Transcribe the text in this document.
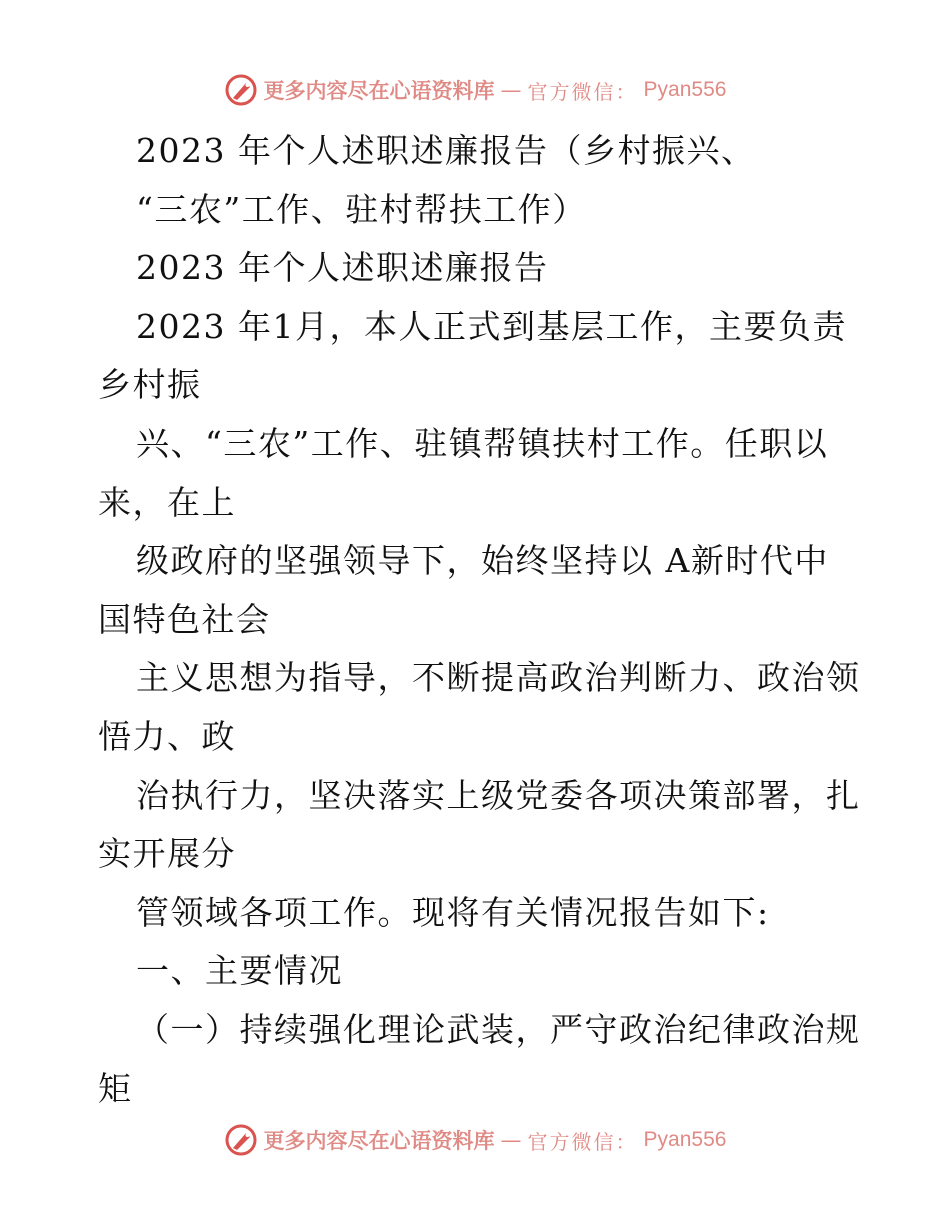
更多内容尽在心语资料库 — 官方微信： Pyan556
2023 年个人述职述廉报告（乡村振兴、
“三农”工作、驻村帮扶工作）
2023 年个人述职述廉报告
2023 年1月，本人正式到基层工作，主要负责
乡村振
兴、“三农”工作、驻镇帮镇扶村工作。任职以
来，在上
级政府的坚强领导下，始终坚持以 A新时代中
国特色社会
主义思想为指导，不断提高政治判断力、政治领
悟力、政
治执行力，坚决落实上级党委各项决策部署，扎
实开展分
管领域各项工作。现将有关情况报告如下:
一、主要情况
（一）持续强化理论武装，严守政治纪律政治规
矩
更多内容尽在心语资料库 — 官方微信： Pyan556
